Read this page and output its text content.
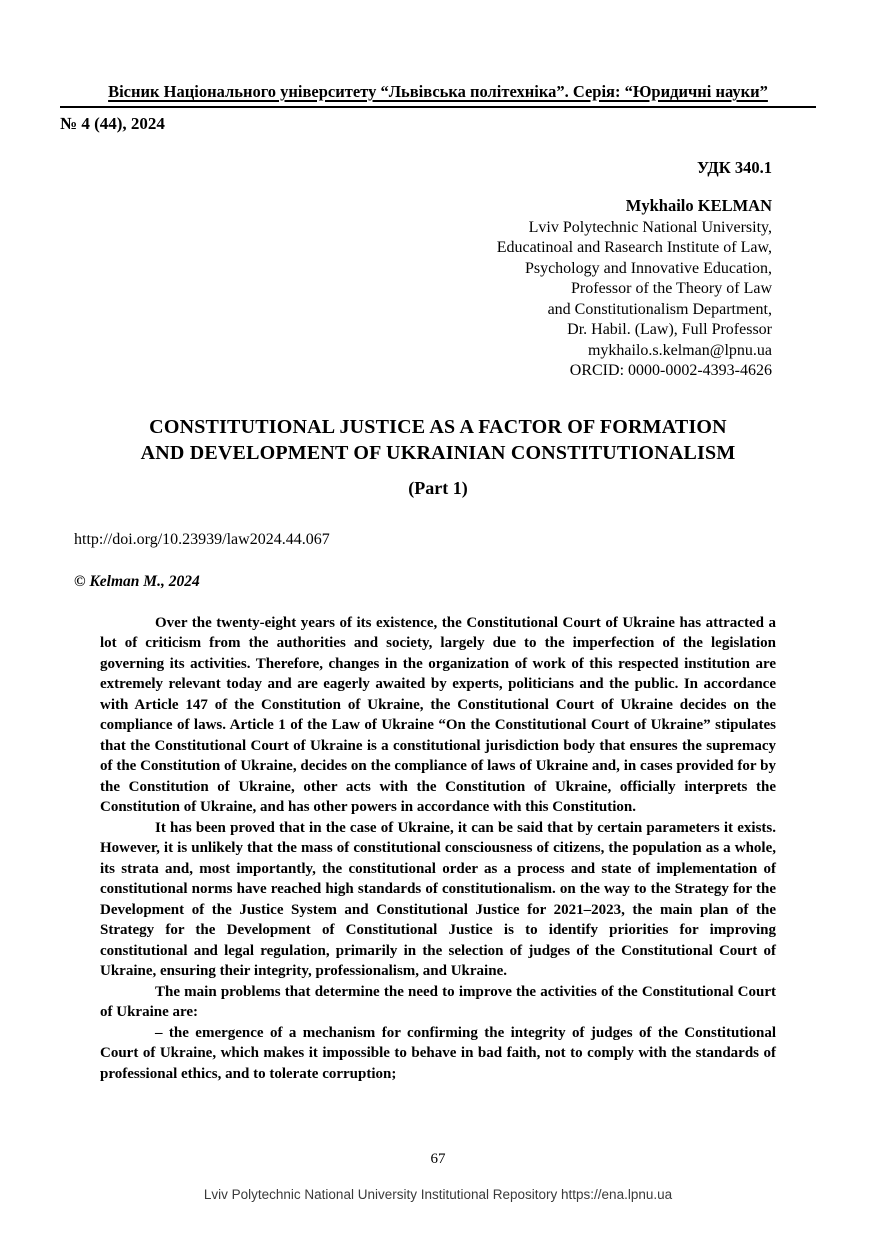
Вісник Національного університету “Львівська політехніка”. Серія: “Юридичні науки”
№ 4 (44), 2024
УДК 340.1
Mykhailo KELMAN
Lviv Polytechnic National University,
Educatinoal and Rasearch Institute of Law,
Psychology and Innovative Education,
Professor of the Theory of Law
and Constitutionalism Department,
Dr. Habil. (Law), Full Professor
mykhailo.s.kelman@lpnu.ua
ORCID: 0000-0002-4393-4626
CONSTITUTIONAL JUSTICE AS A FACTOR OF FORMATION
AND DEVELOPMENT OF UKRAINIAN CONSTITUTIONALISM
(Part 1)
http://doi.org/10.23939/law2024.44.067
© Kelman M., 2024

Over the twenty-eight years of its existence, the Constitutional Court of Ukraine has attracted a lot of criticism from the authorities and society, largely due to the imperfection of the legislation governing its activities. Therefore, changes in the organization of work of this respected institution are extremely relevant today and are eagerly awaited by experts, politicians and the public. In accordance with Article 147 of the Constitution of Ukraine, the Constitutional Court of Ukraine decides on the compliance of laws. Article 1 of the Law of Ukraine “On the Constitutional Court of Ukraine” stipulates that the Constitutional Court of Ukraine is a constitutional jurisdiction body that ensures the supremacy of the Constitution of Ukraine, decides on the compliance of laws of Ukraine and, in cases provided for by the Constitution of Ukraine, other acts with the Constitution of Ukraine, officially interprets the Constitution of Ukraine, and has other powers in accordance with this Constitution.

It has been proved that in the case of Ukraine, it can be said that by certain parameters it exists. However, it is unlikely that the mass of constitutional consciousness of citizens, the population as a whole, its strata and, most importantly, the constitutional order as a process and state of implementation of constitutional norms have reached high standards of constitutionalism. on the way to the Strategy for the Development of the Justice System and Constitutional Justice for 2021–2023, the main plan of the Strategy for the Development of Constitutional Justice is to identify priorities for improving constitutional and legal regulation, primarily in the selection of judges of the Constitutional Court of Ukraine, ensuring their integrity, professionalism, and Ukraine.

The main problems that determine the need to improve the activities of the Constitutional Court of Ukraine are:

– the emergence of a mechanism for confirming the integrity of judges of the Constitutional Court of Ukraine, which makes it impossible to behave in bad faith, not to comply with the standards of professional ethics, and to tolerate corruption;

67
Lviv Polytechnic National University Institutional Repository https://ena.lpnu.ua
